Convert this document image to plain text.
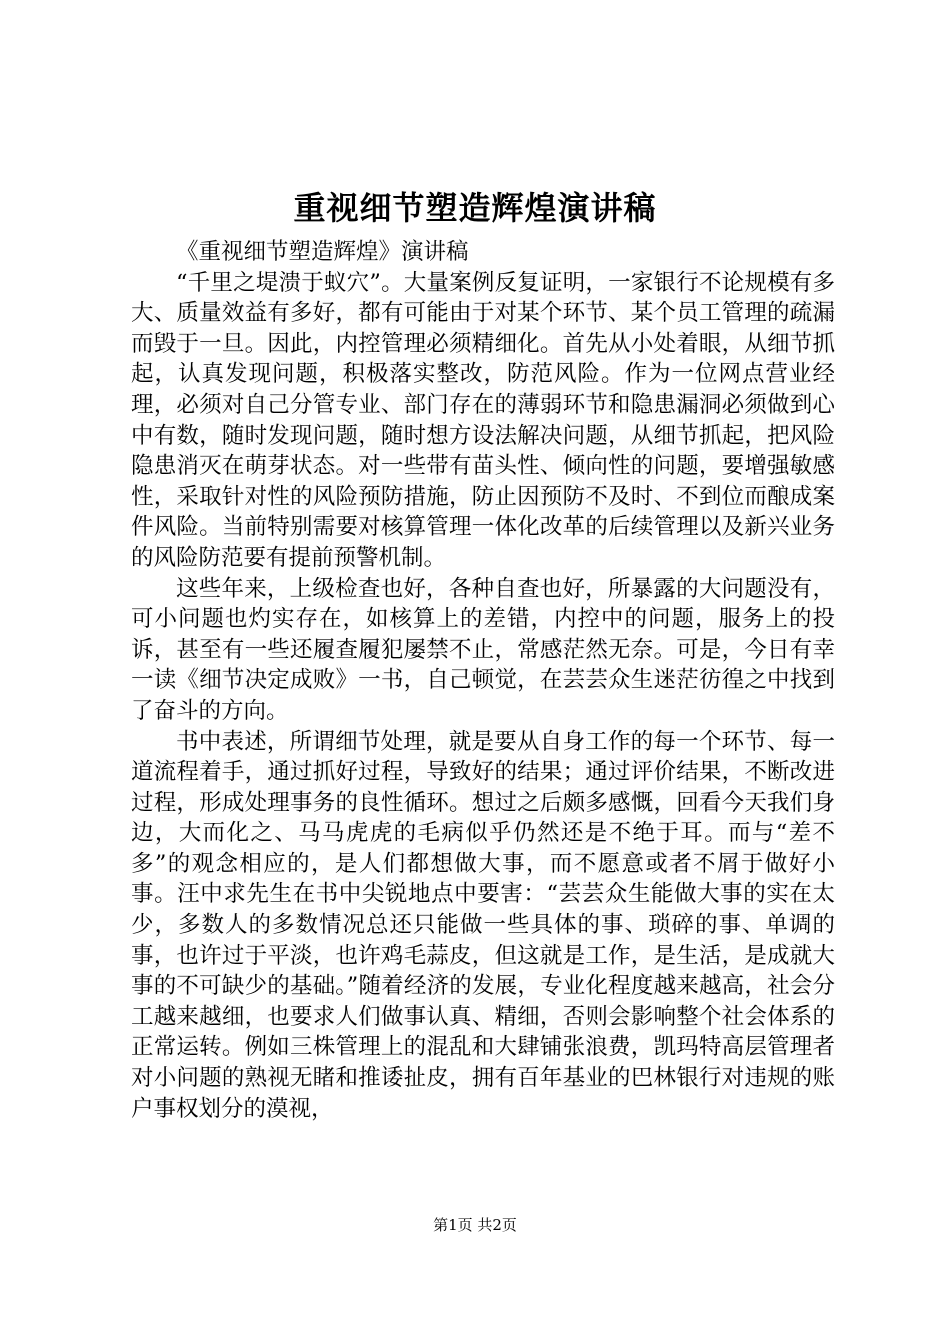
重视细节塑造辉煌演讲稿

《重视细节塑造辉煌》演讲稿

“千里之堤溃于蚁穴”。大量案例反复证明，一家银行不论规模有多大、质量效益有多好，都有可能由于对某个环节、某个员工管理的疏漏而毁于一旦。因此，内控管理必须精细化。首先从小处着眼，从细节抓起，认真发现问题，积极落实整改，防范风险。作为一位网点营业经理，必须对自己分管专业、部门存在的薄弱环节和隐患漏洞必须做到心中有数，随时发现问题，随时想方设法解决问题，从细节抓起，把风险隐患消灭在萌芽状态。对一些带有苗头性、倾向性的问题，要增强敏感性，采取针对性的风险预防措施，防止因预防不及时、不到位而酿成案件风险。当前特别需要对核算管理一体化改革的后续管理以及新兴业务的风险防范要有提前预警机制。

这些年来，上级检查也好，各种自查也好，所暴露的大问题没有，可小问题也灼实存在，如核算上的差错，内控中的问题，服务上的投诉，甚至有一些还履查履犯屡禁不止，常感茫然无奈。可是，今日有幸一读《细节决定成败》一书，自己顿觉，在芸芸众生迷茫彷徨之中找到了奋斗的方向。

书中表述，所谓细节处理，就是要从自身工作的每一个环节、每一道流程着手，通过抓好过程，导致好的结果；通过评价结果，不断改进过程，形成处理事务的良性循环。想过之后颇多感慨，回看今天我们身边，大而化之、马马虎虎的毛病似乎仍然还是不绝于耳。而与“差不多”的观念相应的，是人们都想做大事，而不愿意或者不屑于做好小事。汪中求先生在书中尖锐地点中要害：“芸芸众生能做大事的实在太少，多数人的多数情况总还只能做一些具体的事、琐碎的事、单调的事，也许过于平淡，也许鸡毛蒜皮，但这就是工作，是生活，是成就大事的不可缺少的基础。”随着经济的发展，专业化程度越来越高，社会分工越来越细，也要求人们做事认真、精细，否则会影响整个社会体系的正常运转。例如三株管理上的混乱和大肆铺张浪费，凯玛特高层管理者对小问题的熟视无睹和推诿扯皮，拥有百年基业的巴林银行对违规的账户事权划分的漠视，

第1页 共2页
